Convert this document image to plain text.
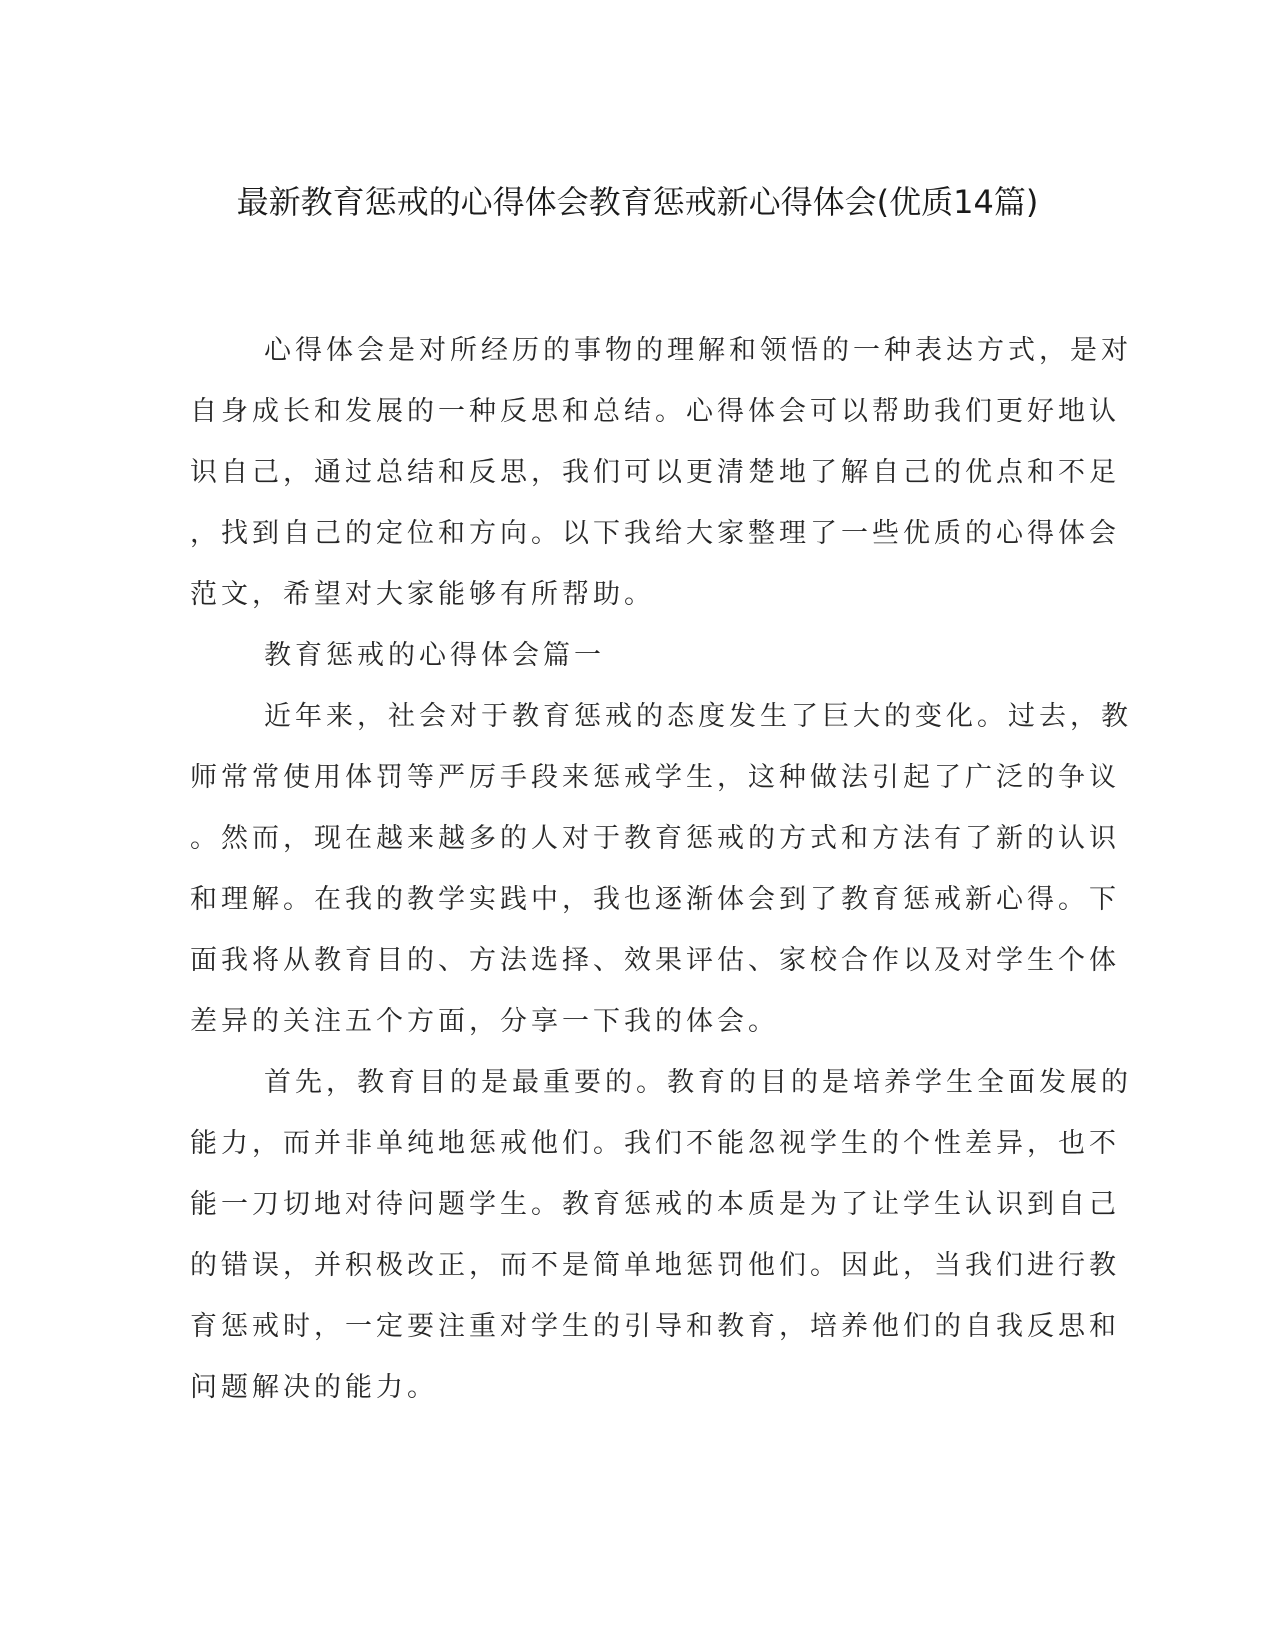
最新教育惩戒的心得体会教育惩戒新心得体会(优质14篇)
心得体会是对所经历的事物的理解和领悟的一种表达方式，是对
自身成长和发展的一种反思和总结。心得体会可以帮助我们更好地认
识自己，通过总结和反思，我们可以更清楚地了解自己的优点和不足
，找到自己的定位和方向。以下我给大家整理了一些优质的心得体会
范文，希望对大家能够有所帮助。
教育惩戒的心得体会篇一
近年来，社会对于教育惩戒的态度发生了巨大的变化。过去，教
师常常使用体罚等严厉手段来惩戒学生，这种做法引起了广泛的争议
。然而，现在越来越多的人对于教育惩戒的方式和方法有了新的认识
和理解。在我的教学实践中，我也逐渐体会到了教育惩戒新心得。下
面我将从教育目的、方法选择、效果评估、家校合作以及对学生个体
差异的关注五个方面，分享一下我的体会。
首先，教育目的是最重要的。教育的目的是培养学生全面发展的
能力，而并非单纯地惩戒他们。我们不能忽视学生的个性差异，也不
能一刀切地对待问题学生。教育惩戒的本质是为了让学生认识到自己
的错误，并积极改正，而不是简单地惩罚他们。因此，当我们进行教
育惩戒时，一定要注重对学生的引导和教育，培养他们的自我反思和
问题解决的能力。
